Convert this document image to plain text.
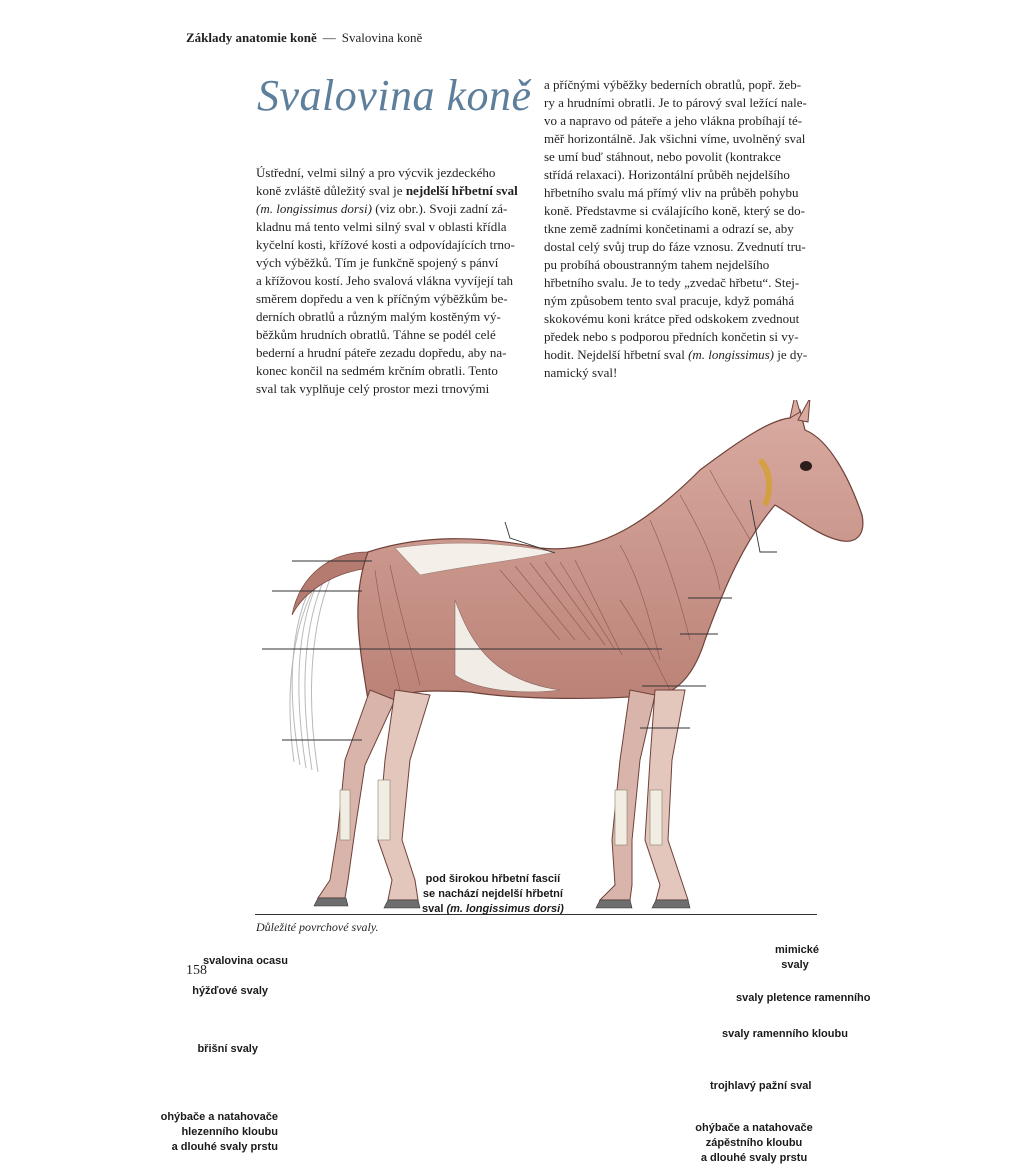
Základy anatomie koně — Svalovina koně
Svalovina koně
Ústřední, velmi silný a pro výcvik jezdeckého
koně zvláště důležitý sval je nejdelší hřbetní sval
(m. longissimus dorsi) (viz obr.). Svoji zadní zá-
kladnu má tento velmi silný sval v oblasti křídla
kyčelní kosti, křížové kosti a odpovídajících trno-
vých výběžků. Tím je funkčně spojený s pánví
a křížovou kostí. Jeho svalová vlákna vyvíjejí tah
směrem dopředu a ven k příčným výběžkům be-
derních obratlů a různým malým kostěným vý-
běžkům hrudních obratlů. Táhne se podél celé
bederní a hrudní páteře zezadu dopředu, aby na-
konec končil na sedmém krčním obratli. Tento
sval tak vyplňuje celý prostor mezi trnovými
a příčnými výběžky bederních obratlů, popř. žeb-
ry a hrudními obratli. Je to párový sval ležící nale-
vo a napravo od páteře a jeho vlákna probíhají té-
měř horizontálně. Jak všichni víme, uvolněný sval
se umí buď stáhnout, nebo povolit (kontrakce
střídá relaxaci). Horizontální průběh nejdelšího
hřbetního svalu má přímý vliv na průběh pohybu
koně. Představme si cválajícího koně, který se do-
tkne země zadními končetinami a odrazí se, aby
dostal celý svůj trup do fáze vznosu. Zvednutí tru-
pu probíhá oboustranným tahem nejdelšího
hřbetního svalu. Je to tedy „zvedač hřbetu“. Stej-
ným způsobem tento sval pracuje, když pomáhá
skokovému koni krátce před odskokem zvednout
předek nebo s podporou předních končetin si vy-
hodit. Nejdelší hřbetní sval (m. longissimus) je dy-
namický sval!
pod širokou hřbetní fascií
se nachází nejdelší hřbetní
sval (m. longissimus dorsi)
svalovina ocasu
hýžďové svaly
břišní svaly
ohýbače a natahovače
hlezenního kloubu
a dlouhé svaly prstu
mimické
svaly
svaly pletence ramenního
svaly ramenního kloubu
trojhlavý pažní sval
ohýbače a natahovače
zápěstního kloubu
a dlouhé svaly prstu
Důležité povrchové svaly.
158
